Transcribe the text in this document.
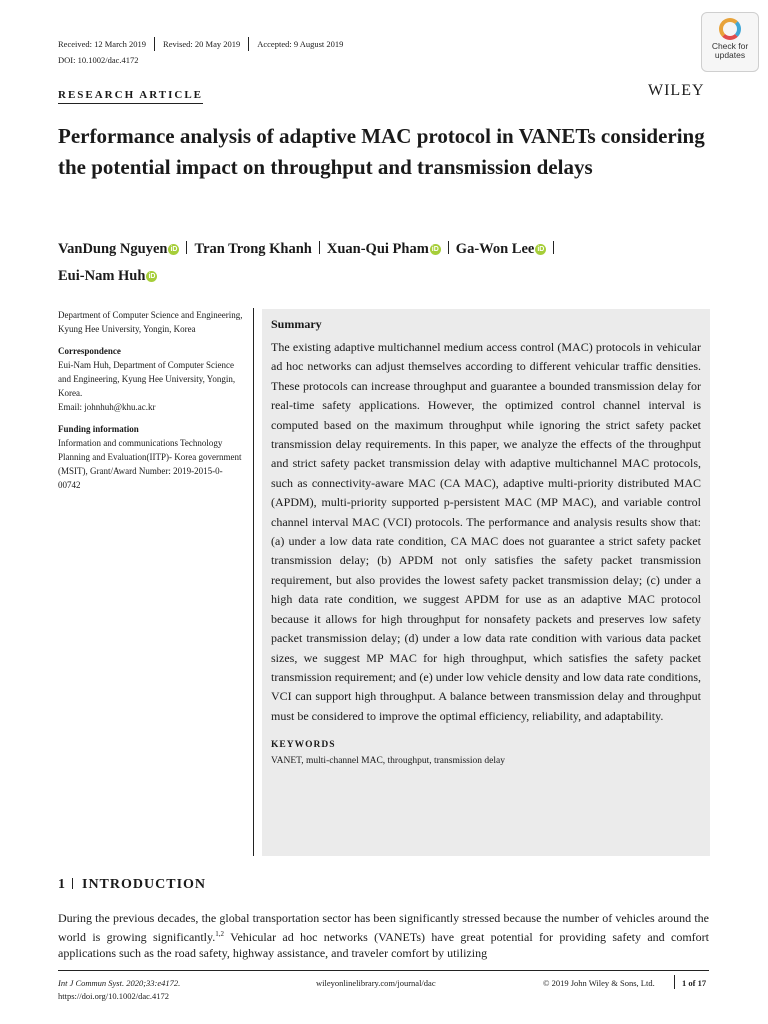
Received: 12 March 2019 Revised: 20 May 2019 Accepted: 9 August 2019
DOI: 10.1002/dac.4172
Check for
updates
RESEARCH ARTICLE	WILEY
Performance analysis of adaptive MAC protocol in VANETs considering the potential impact on throughput and transmission delays
VanDung Nguyen iD Tran Trong Khanh Xuan-Qui Pham iD Ga-Won Lee iD
Eui-Nam Huh iD

Department of Computer Science and Engineering, Kyung Hee University, Yongin, Korea

Correspondence
Eui-Nam Huh, Department of Computer Science and Engineering, Kyung Hee University, Yongin, Korea.

Email: johnhuh@khu.ac.kr

Funding information
Information and communications Technology Planning and Evaluation(IITP)- Korea government (MSIT), Grant/Award Number: 2019-2015-0-00742
Summary
The existing adaptive multichannel medium access control (MAC) protocols in vehicular ad hoc networks can adjust themselves according to different vehicular traffic densities. These protocols can increase throughput and guarantee a bounded transmission delay for real-time safety applications. However, the optimized control channel interval is computed based on the maximum throughput while ignoring the strict safety packet transmission delay requirements. In this paper, we analyze the effects of the throughput and strict safety packet transmission delay with adaptive multichannel MAC protocols, such as connectivity-aware MAC (CA MAC), adaptive multi-priority distributed MAC (APDM), multi-priority supported p-persistent MAC (MP MAC), and variable control channel interval MAC (VCI) protocols. The performance and analysis results show that: (a) under a low data rate condition, CA MAC does not guarantee a strict safety packet transmission delay; (b) APDM not only satisfies the safety packet transmission requirement, but also provides the lowest safety packet transmission delay; (c) under a high data rate condition, we suggest APDM for use as an adaptive MAC protocol because it allows for high throughput for nonsafety packets and preserves low safety packet transmission delay; (d) under a low data rate condition with various data packet sizes, we suggest MP MAC for high throughput, which satisfies the safety packet transmission requirement; and (e) under low vehicle density and low data rate conditions, VCI can support high throughput. A balance between transmission delay and throughput must be considered to improve the optimal efficiency, reliability, and adaptability.
KEYWORDS
VANET, multi-channel MAC, throughput, transmission delay
1 INTRODUCTION
During the previous decades, the global transportation sector has been significantly stressed because the number of vehicles around the world is growing significantly.$^{1,2}$ Vehicular ad hoc networks (VANETs) have great potential for providing safety and comfort applications such as the road safety, highway assistance, and traveler comfort by utilizing
Int J Commun Syst. 2020;33:e4172.
https://doi.org/10.1002/dac.4172
wileyonlinelibrary.com/journal/dac	© 2019 John Wiley & Sons, Ltd.	1 of 17
